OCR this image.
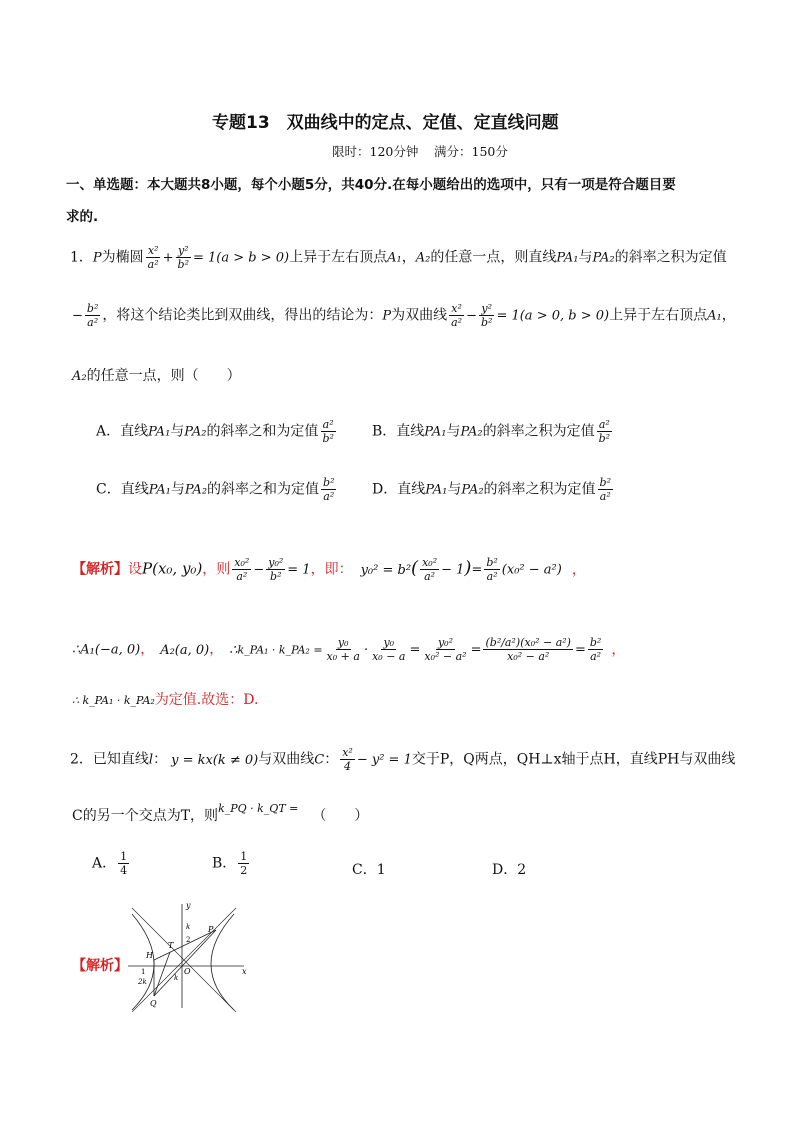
专题13　双曲线中的定点、定值、定直线问题
限时：120分钟 满分：150分
一、单选题：本大题共8小题，每个小题5分，共40分.在每小题给出的选项中，只有一项是符合题目要
求的.
1．P为椭圆 $\frac{\text{x²}}{\text{a²}} + \frac{\text{y²}}{\text{b²}} = 1(a > b > 0)$上异于左右顶点A₁，A₂的任意一点，则直线PA₁与PA₂的斜率之积为定值
− $\frac{\text{b²}}{\text{a²}}$ ，将这个结论类比到双曲线，得出的结论为：P为双曲线 $\frac{\text{x²}}{\text{a²}} - \frac{\text{y²}}{\text{b²}} = 1(a > 0$, b > 0)上异于左右顶点A₁，
A₂的任意一点，则（　　）
A．直线PA₁与PA₂的斜率之和为定值 $\frac{\text{a²}}{\text{b²}}$	B．直线PA₁与PA₂的斜率之积为定值 $\frac{\text{a²}}{\text{b²}}$
C．直线PA₁与PA₂的斜率之和为定值 $\frac{\text{b²}}{\text{a²}}$	D．直线PA₁与PA₂的斜率之积为定值 $\frac{\text{b²}}{\text{a²}}$
【解析】设P(x₀, y₀)，则 $\frac{\text{x₀²}}{\text{a²}} - \frac{\text{y₀²}}{\text{b²}} = 1$，即： $y_0^2 = b^2( \frac{\text{x₀²}}{\text{a²}} - 1)= \frac{\text{b²}}{\text{a²}} (x_0^2 - a^2)$ ，
∴A₁(−a, 0)， A₂(a, 0)， ∴k_PA₁ · k_PA₂ = $\frac{\text{y₀}}{\text{x₀ + a}} \cdot \frac{\text{y₀}}{\text{x₀ − a}} = \frac{\text{y₀²}}{\text{x₀² − a²}} = \frac{\text{(b²/a²)(x₀² − a²)}}{\text{x₀² − a²}} = \frac{\text{b²}}{\text{a²}}$ ，
∴ k_PA₁ · k_PA₂为定值.故选：D.
2．已知直线l： y = kx(k ≠ 0)与双曲线C： $\frac{\text{x²}}{4} - y^2 = 1$交于P，Q两点，QH⊥x轴于点H，直线PH与双曲线
C的另一个交点为T，则$^{k\_PQ \cdot k\_QT =}$ （　　）
A． $\frac{1}{4}$	B． $\frac{1}{2}$	C．1	D．2
【解析】
y
x
O
P
Q
H
T
k
2
1
2k	k
